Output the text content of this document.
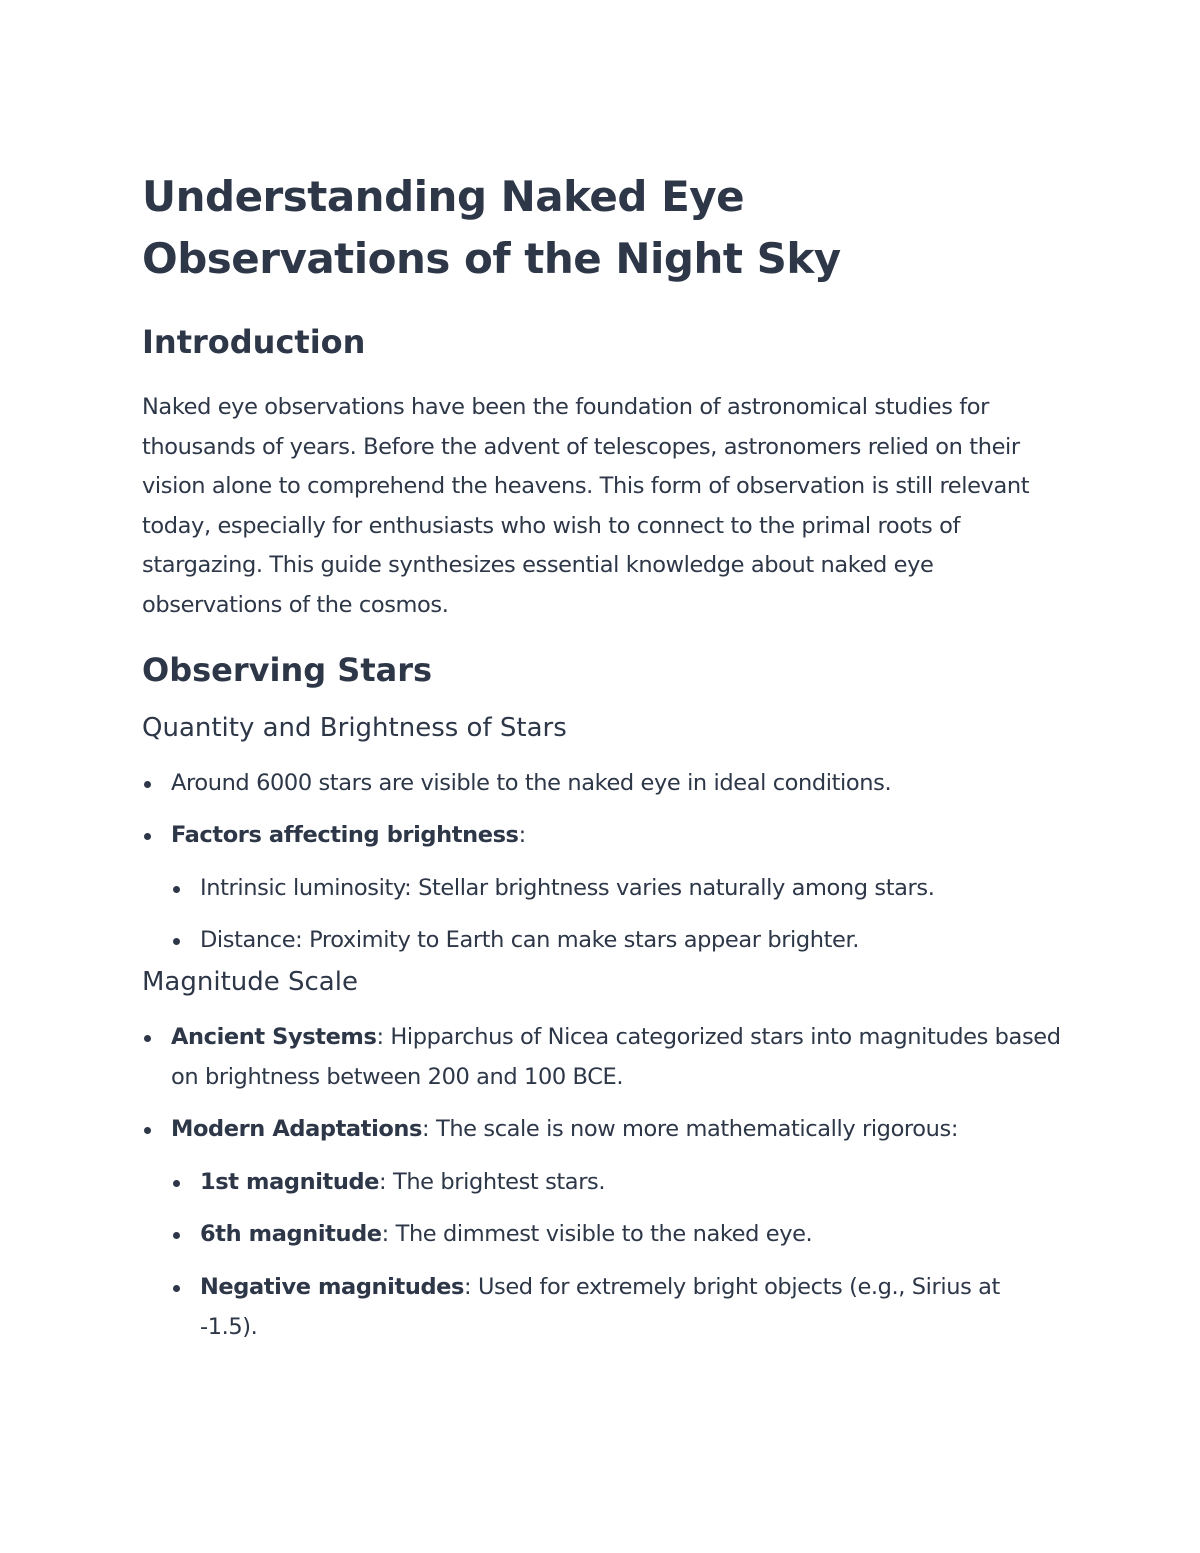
Understanding Naked Eye Observations of the Night Sky
Introduction

Naked eye observations have been the foundation of astronomical studies for thousands of years. Before the advent of telescopes, astronomers relied on their vision alone to comprehend the heavens. This form of observation is still relevant today, especially for enthusiasts who wish to connect to the primal roots of stargazing. This guide synthesizes essential knowledge about naked eye observations of the cosmos.

Observing Stars
Quantity and Brightness of Stars
Around 6000 stars are visible to the naked eye in ideal conditions.
Factors affecting brightness:
Intrinsic luminosity: Stellar brightness varies naturally among stars.
Distance: Proximity to Earth can make stars appear brighter.
Magnitude Scale
Ancient Systems: Hipparchus of Nicea categorized stars into magnitudes based on brightness between 200 and 100 BCE.
Modern Adaptations: The scale is now more mathematically rigorous:
1st magnitude: The brightest stars.
6th magnitude: The dimmest visible to the naked eye.
Negative magnitudes: Used for extremely bright objects (e.g., Sirius at -1.5).
